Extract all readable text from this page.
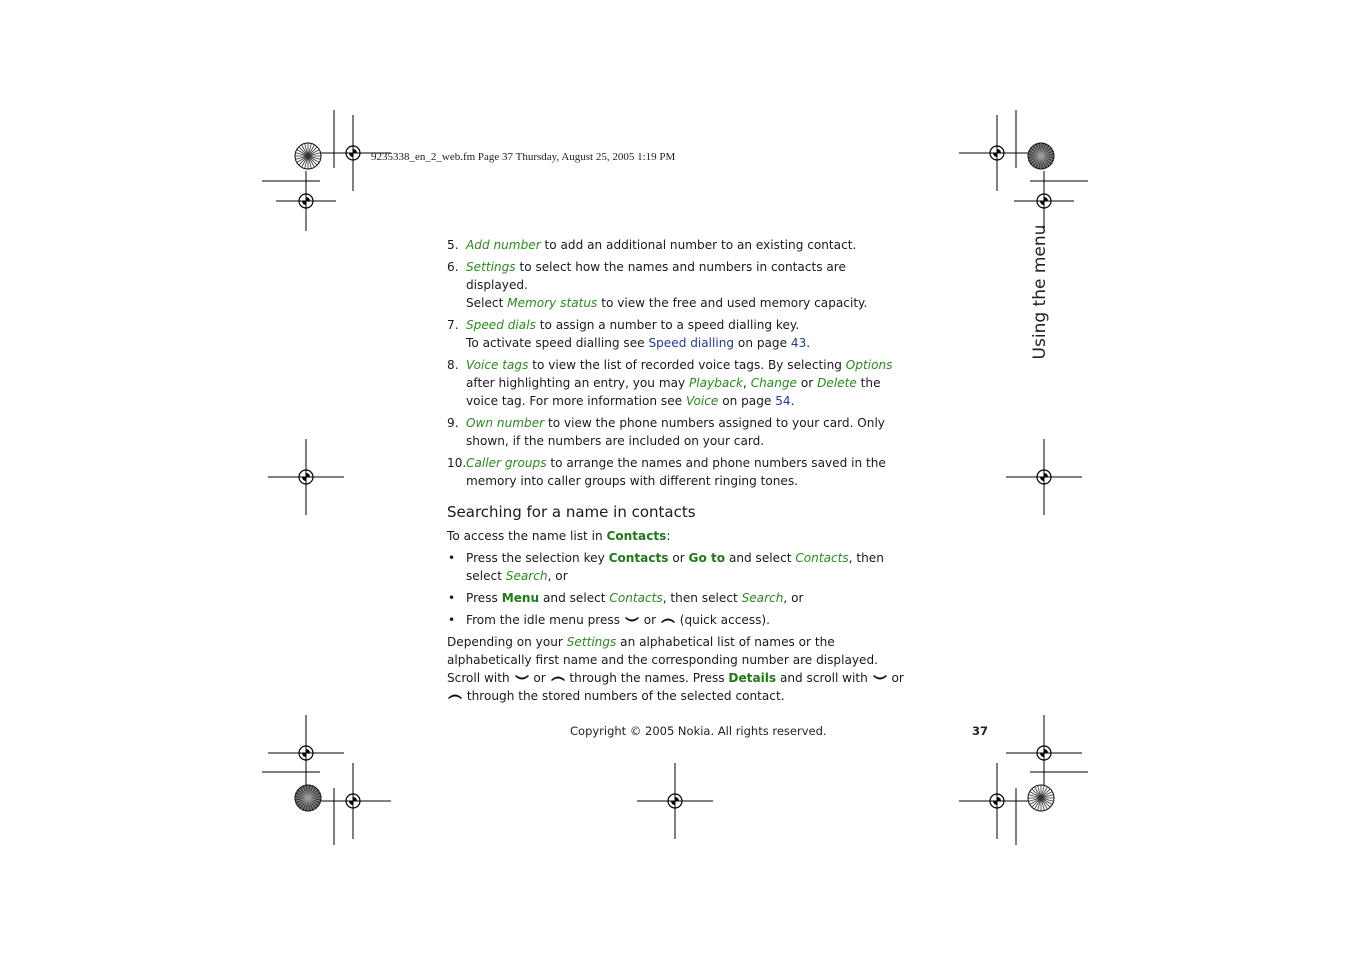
9235338_en_2_web.fm Page 37 Thursday, August 25, 2005 1:19 PM
Using the menu
5. Add number to add an additional number to an existing contact.
6. Settings to select how the names and numbers in contacts are displayed.
Select Memory status to view the free and used memory capacity.
7. Speed dials to assign a number to a speed dialling key.
To activate speed dialling see Speed dialling on page 43.
8. Voice tags to view the list of recorded voice tags. By selecting Options after highlighting an entry, you may Playback, Change or Delete the voice tag. For more information see Voice on page 54.
9. Own number to view the phone numbers assigned to your card. Only shown, if the numbers are included on your card.
10. Caller groups to arrange the names and phone numbers saved in the memory into caller groups with different ringing tones.
Searching for a name in contacts
To access the name list in Contacts:
• Press the selection key Contacts or Go to and select Contacts, then select Search, or
• Press Menu and select Contacts, then select Search, or
• From the idle menu press  or  (quick access).
Depending on your Settings an alphabetical list of names or the alphabetically first name and the corresponding number are displayed. Scroll with  or  through the names. Press Details and scroll with  or  through the stored numbers of the selected contact.
Copyright © 2005 Nokia. All rights reserved.	37
